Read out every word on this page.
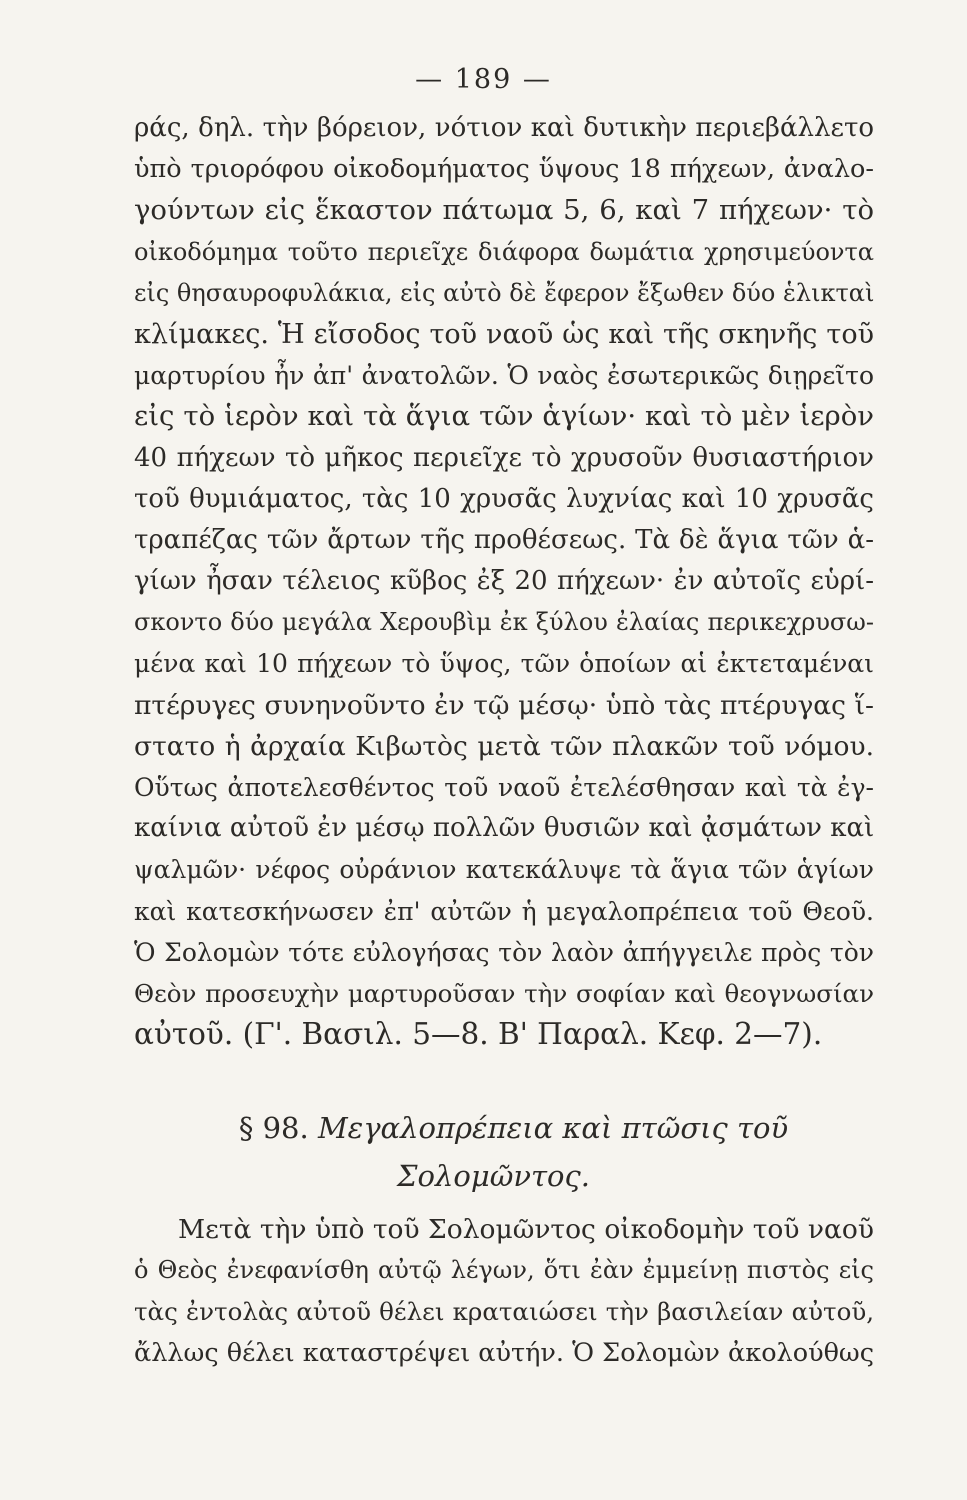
— 189 —
ράς, δηλ. τὴν βόρειον, νότιον καὶ δυτικὴν περιεβάλλετο
ὑπὸ τριορόφου οἰκοδομήματος ὕψους 18 πήχεων, ἀναλο-
γούντων εἰς ἕκαστον πάτωμα 5, 6, καὶ 7 πήχεων· τὸ
οἰκοδόμημα τοῦτο περιεῖχε διάφορα δωμάτια χρησιμεύοντα
εἰς θησαυροφυλάκια, εἰς αὐτὸ δὲ ἔφερον ἔξωθεν δύο ἑλικταὶ
κλίμακες. Ἡ εἴσοδος τοῦ ναοῦ ὡς καὶ τῆς σκηνῆς τοῦ
μαρτυρίου ἦν ἀπ' ἀνατολῶν. Ὁ ναὸς ἐσωτερικῶς διῃρεῖτο
εἰς τὸ ἱερὸν καὶ τὰ ἅγια τῶν ἁγίων· καὶ τὸ μὲν ἱερὸν
40 πήχεων τὸ μῆκος περιεῖχε τὸ χρυσοῦν θυσιαστήριον
τοῦ θυμιάματος, τὰς 10 χρυσᾶς λυχνίας καὶ 10 χρυσᾶς
τραπέζας τῶν ἄρτων τῆς προθέσεως. Τὰ δὲ ἅγια τῶν ἁ-
γίων ἦσαν τέλειος κῦβος ἐξ 20 πήχεων· ἐν αὐτοῖς εὑρί-
σκοντο δύο μεγάλα Χερουβὶμ ἐκ ξύλου ἐλαίας περικεχρυσω-
μένα καὶ 10 πήχεων τὸ ὕψος, τῶν ὁποίων αἱ ἐκτεταμέναι
πτέρυγες συνηνοῦντο ἐν τῷ μέσῳ· ὑπὸ τὰς πτέρυγας ἵ-
στατο ἡ ἀρχαία Κιβωτὸς μετὰ τῶν πλακῶν τοῦ νόμου.
Οὕτως ἀποτελεσθέντος τοῦ ναοῦ ἐτελέσθησαν καὶ τὰ ἐγ-
καίνια αὐτοῦ ἐν μέσῳ πολλῶν θυσιῶν καὶ ᾀσμάτων καὶ
ψαλμῶν· νέφος οὐράνιον κατεκάλυψε τὰ ἅγια τῶν ἁγίων
καὶ κατεσκήνωσεν ἐπ' αὐτῶν ἡ μεγαλοπρέπεια τοῦ Θεοῦ.
Ὁ Σολομὼν τότε εὐλογήσας τὸν λαὸν ἀπήγγειλε πρὸς τὸν
Θεὸν προσευχὴν μαρτυροῦσαν τὴν σοφίαν καὶ θεογνωσίαν
αὐτοῦ. (Γ'. Βασιλ. 5—8. Β' Παραλ. Κεφ. 2—7).
§ 98. Μεγαλοπρέπεια καὶ πτῶσις τοῦ
Σολομῶντος.
Μετὰ τὴν ὑπὸ τοῦ Σολομῶντος οἰκοδομὴν τοῦ ναοῦ
ὁ Θεὸς ἐνεφανίσθη αὐτῷ λέγων, ὅτι ἐὰν ἐμμείνῃ πιστὸς εἰς
τὰς ἐντολὰς αὐτοῦ θέλει κραταιώσει τὴν βασιλείαν αὐτοῦ,
ἄλλως θέλει καταστρέψει αὐτήν. Ὁ Σολομὼν ἀκολούθως
